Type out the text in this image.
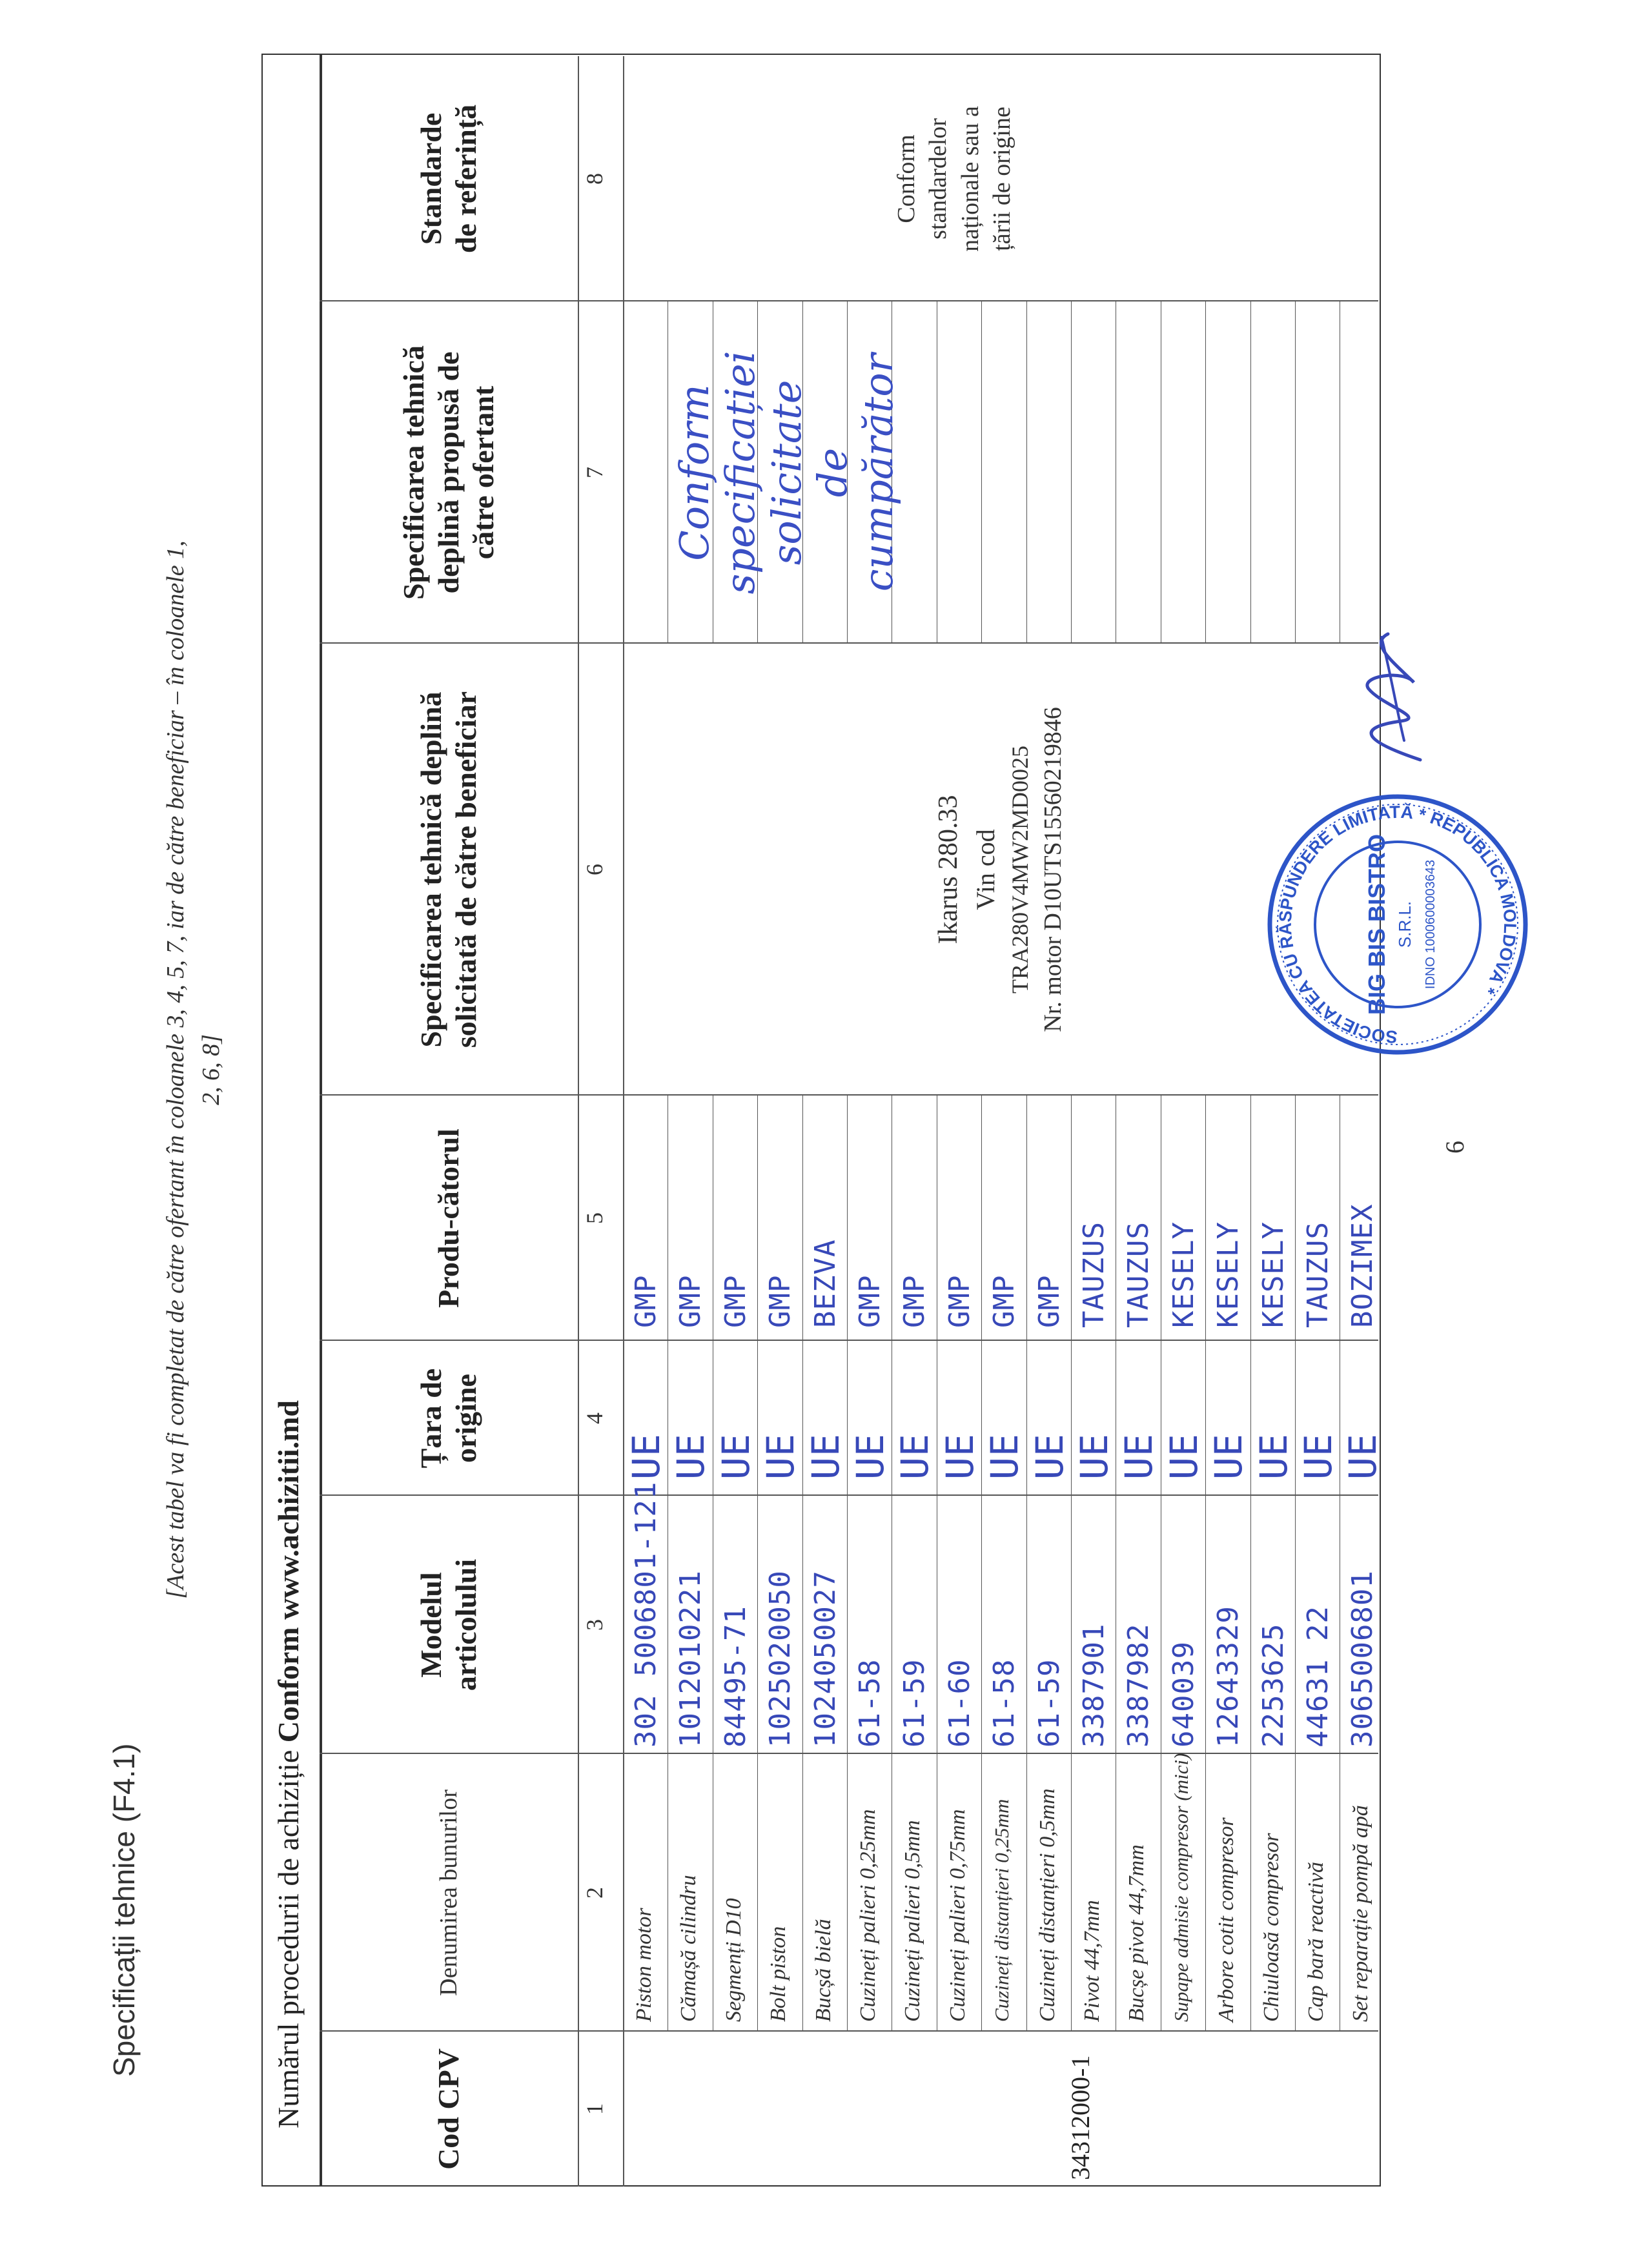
Specificații tehnice (F4.1)
[Acest tabel va fi completat de către ofertant în coloanele 3, 4, 5, 7, iar de către beneficiar – în coloanele 1, 2, 6, 8]
Numărul procedurii de achiziție Conform www.achizitii.md
Cod CPV
Denumirea bunurilor
Modelul articolului
Țara de origine
Produ-cătorul
Specificarea tehnică deplină solicitată de către beneficiar
Specificarea tehnică deplină propusă de către ofertant
Standarde de referință
1
2
3
4
5
6
7
8
34312000-1
Piston motor
302 5006801-121
UE
GMP
Cămașă cilindru
1012010221
UE
GMP
Segmenți D10
84495-71
UE
GMP
Bolt piston
1025020050
UE
GMP
Bucșă bielă
1024050027
UE
BEZVA
Cuzineți palieri 0,25mm
61-58
UE
GMP
Cuzineți palieri 0,5mm
61-59
UE
GMP
Cuzineți palieri 0,75mm
61-60
UE
GMP
Cuzineți distanțieri 0,25mm
61-58
UE
GMP
Cuzineți distanțieri 0,5mm
61-59
UE
GMP
Pivot 44,7mm
3387901
UE
TAUZUS
Bucșe pivot 44,7mm
3387982
UE
TAUZUS
Supape admisie compresor (mici)
640039
UE
KESELY
Arbore cotit compresor
12643329
UE
KESELY
Chiuloasă compresor
2253625
UE
KESELY
Cap bară reactivă
44631 22
UE
TAUZUS
Set reparație pompă apă
3065006801
UE
BOZIMEX
Ikarus 280.33 Vin cod TRA280V4MW2MD0025 Nr. motor D10UTS15560219846
Conform
specificației
solicitate
de
cumpărător
Conform standardelor naționale sau a țării de origine
6
SOCIETATEA CU RĂSPUNDERE LIMITATĂ * REPUBLICA MOLDOVA *
BIG BIS BISTRO S.R.L. IDNO 1000600003643
